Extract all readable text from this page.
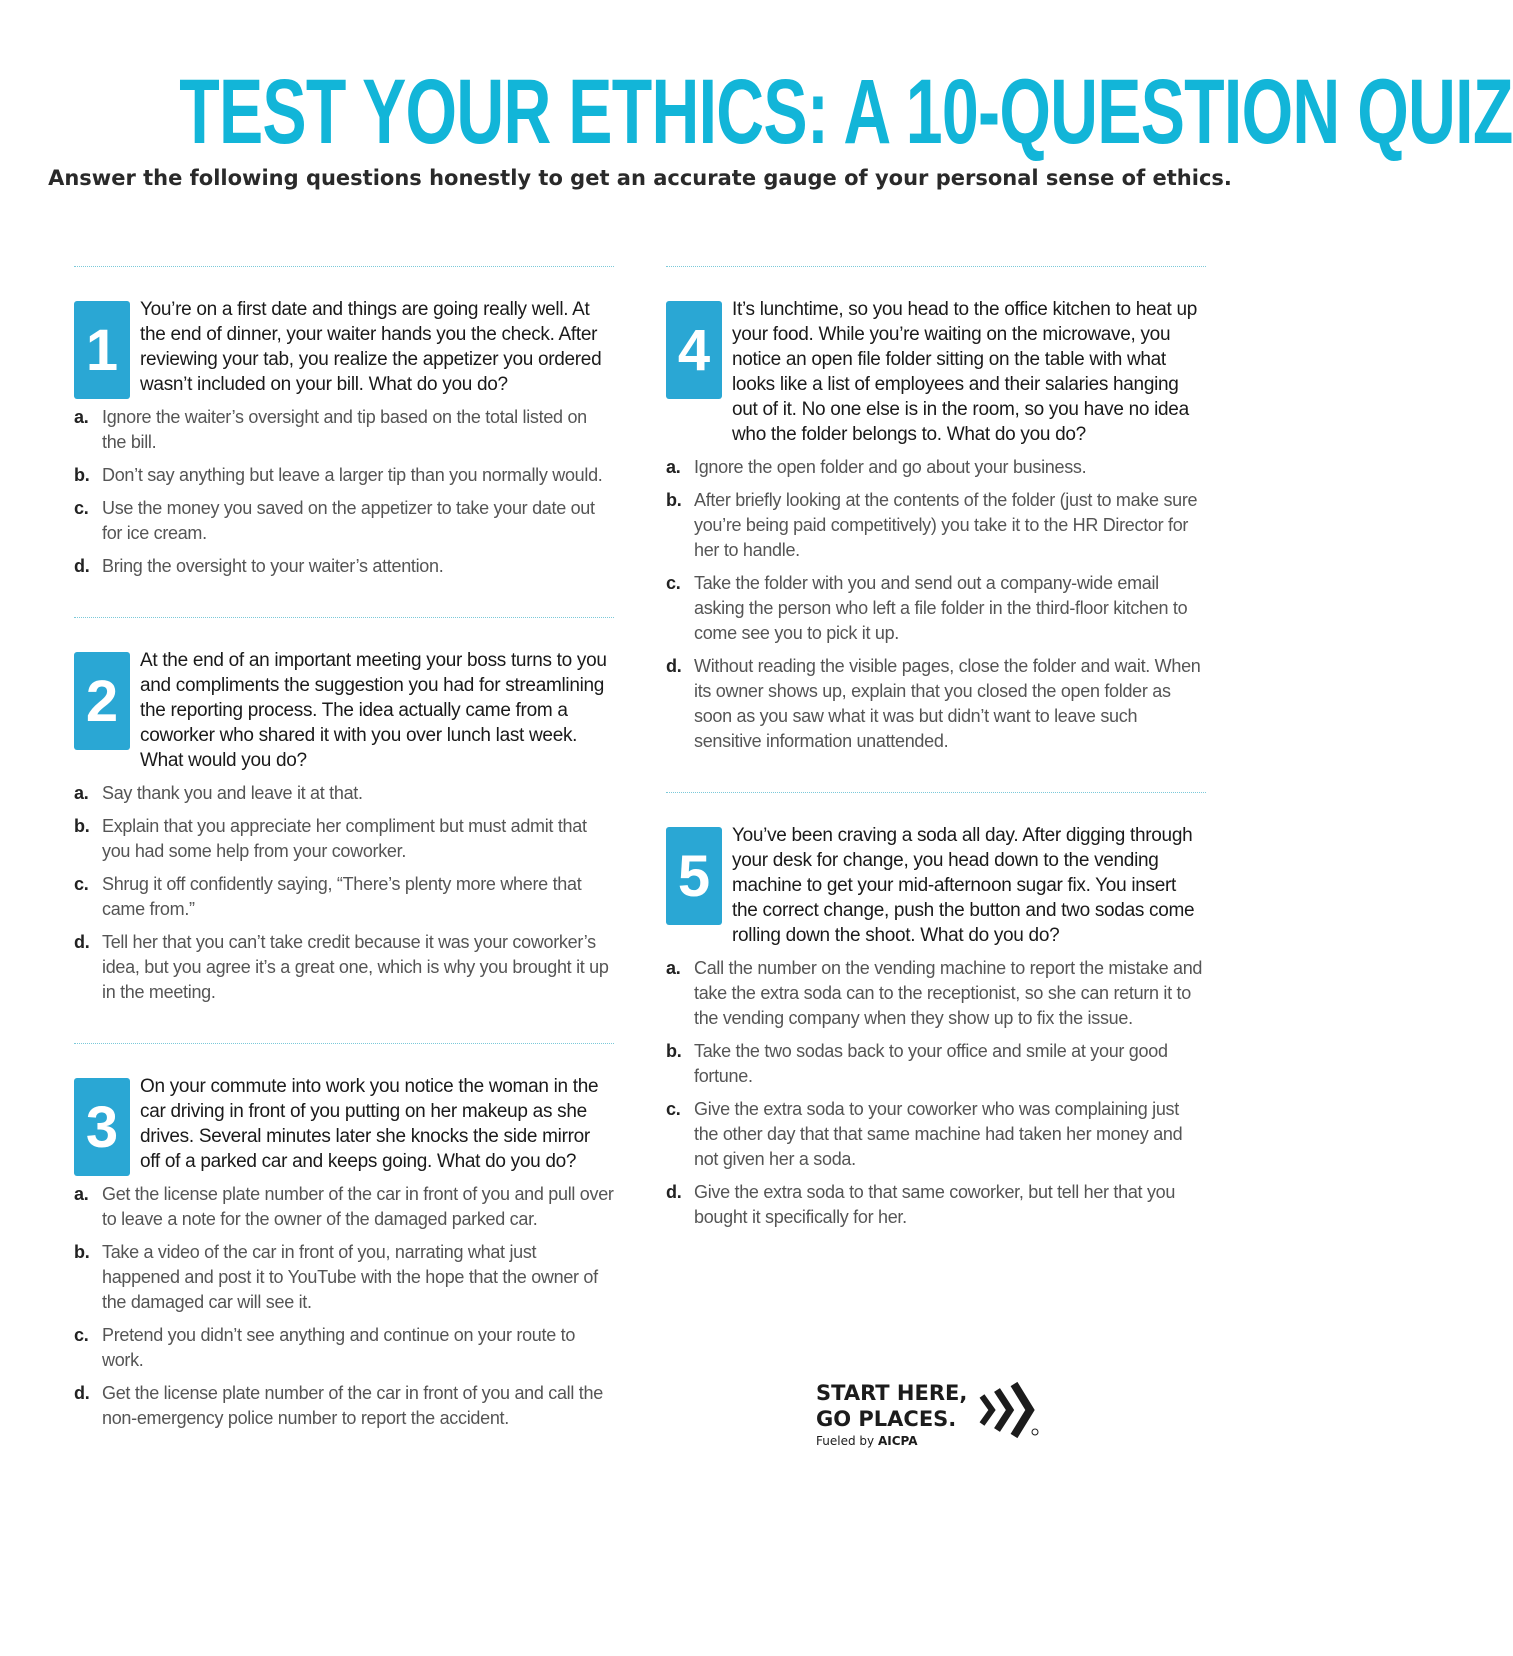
TEST YOUR ETHICS: A 10-QUESTION QUIZ
Answer the following questions honestly to get an accurate gauge of your personal sense of ethics.
1
You’re on a first date and things are going really well. At the end of dinner, your waiter hands you the check. After reviewing your tab, you realize the appetizer you ordered wasn’t included on your bill. What do you do?
a. Ignore the waiter’s oversight and tip based on the total listed on the bill.
b. Don’t say anything but leave a larger tip than you normally would.
c. Use the money you saved on the appetizer to take your date out for ice cream.
d. Bring the oversight to your waiter’s attention.
2
At the end of an important meeting your boss turns to you and compliments the suggestion you had for streamlining the reporting process. The idea actually came from a coworker who shared it with you over lunch last week. What would you do?
a. Say thank you and leave it at that.
b. Explain that you appreciate her compliment but must admit that you had some help from your coworker.
c. Shrug it off confidently saying, “There’s plenty more where that came from.”
d. Tell her that you can’t take credit because it was your coworker’s idea, but you agree it’s a great one, which is why you brought it up in the meeting.
3
On your commute into work you notice the woman in the car driving in front of you putting on her makeup as she drives. Several minutes later she knocks the side mirror off of a parked car and keeps going. What do you do?
a. Get the license plate number of the car in front of you and pull over to leave a note for the owner of the damaged parked car.
b. Take a video of the car in front of you, narrating what just happened and post it to YouTube with the hope that the owner of the damaged car will see it.
c. Pretend you didn’t see anything and continue on your route to work.
d. Get the license plate number of the car in front of you and call the non-emergency police number to report the accident.
4
It’s lunchtime, so you head to the office kitchen to heat up your food. While you’re waiting on the microwave, you notice an open file folder sitting on the table with what looks like a list of employees and their salaries hanging out of it. No one else is in the room, so you have no idea who the folder belongs to. What do you do?
a. Ignore the open folder and go about your business.
b. After briefly looking at the contents of the folder (just to make sure you’re being paid competitively) you take it to the HR Director for her to handle.
c. Take the folder with you and send out a company-wide email asking the person who left a file folder in the third-floor kitchen to come see you to pick it up.
d. Without reading the visible pages, close the folder and wait. When its owner shows up, explain that you closed the open folder as soon as you saw what it was but didn’t want to leave such sensitive information unattended.
5
You’ve been craving a soda all day. After digging through your desk for change, you head down to the vending machine to get your mid-afternoon sugar fix. You insert the correct change, push the button and two sodas come rolling down the shoot. What do you do?
a. Call the number on the vending machine to report the mistake and take the extra soda can to the receptionist, so she can return it to the vending company when they show up to fix the issue.
b. Take the two sodas back to your office and smile at your good fortune.
c. Give the extra soda to your coworker who was complaining just the other day that that same machine had taken her money and not given her a soda.
d. Give the extra soda to that same coworker, but tell her that you bought it specifically for her.
START HERE,
GO PLACES.
Fueled by AICPA
